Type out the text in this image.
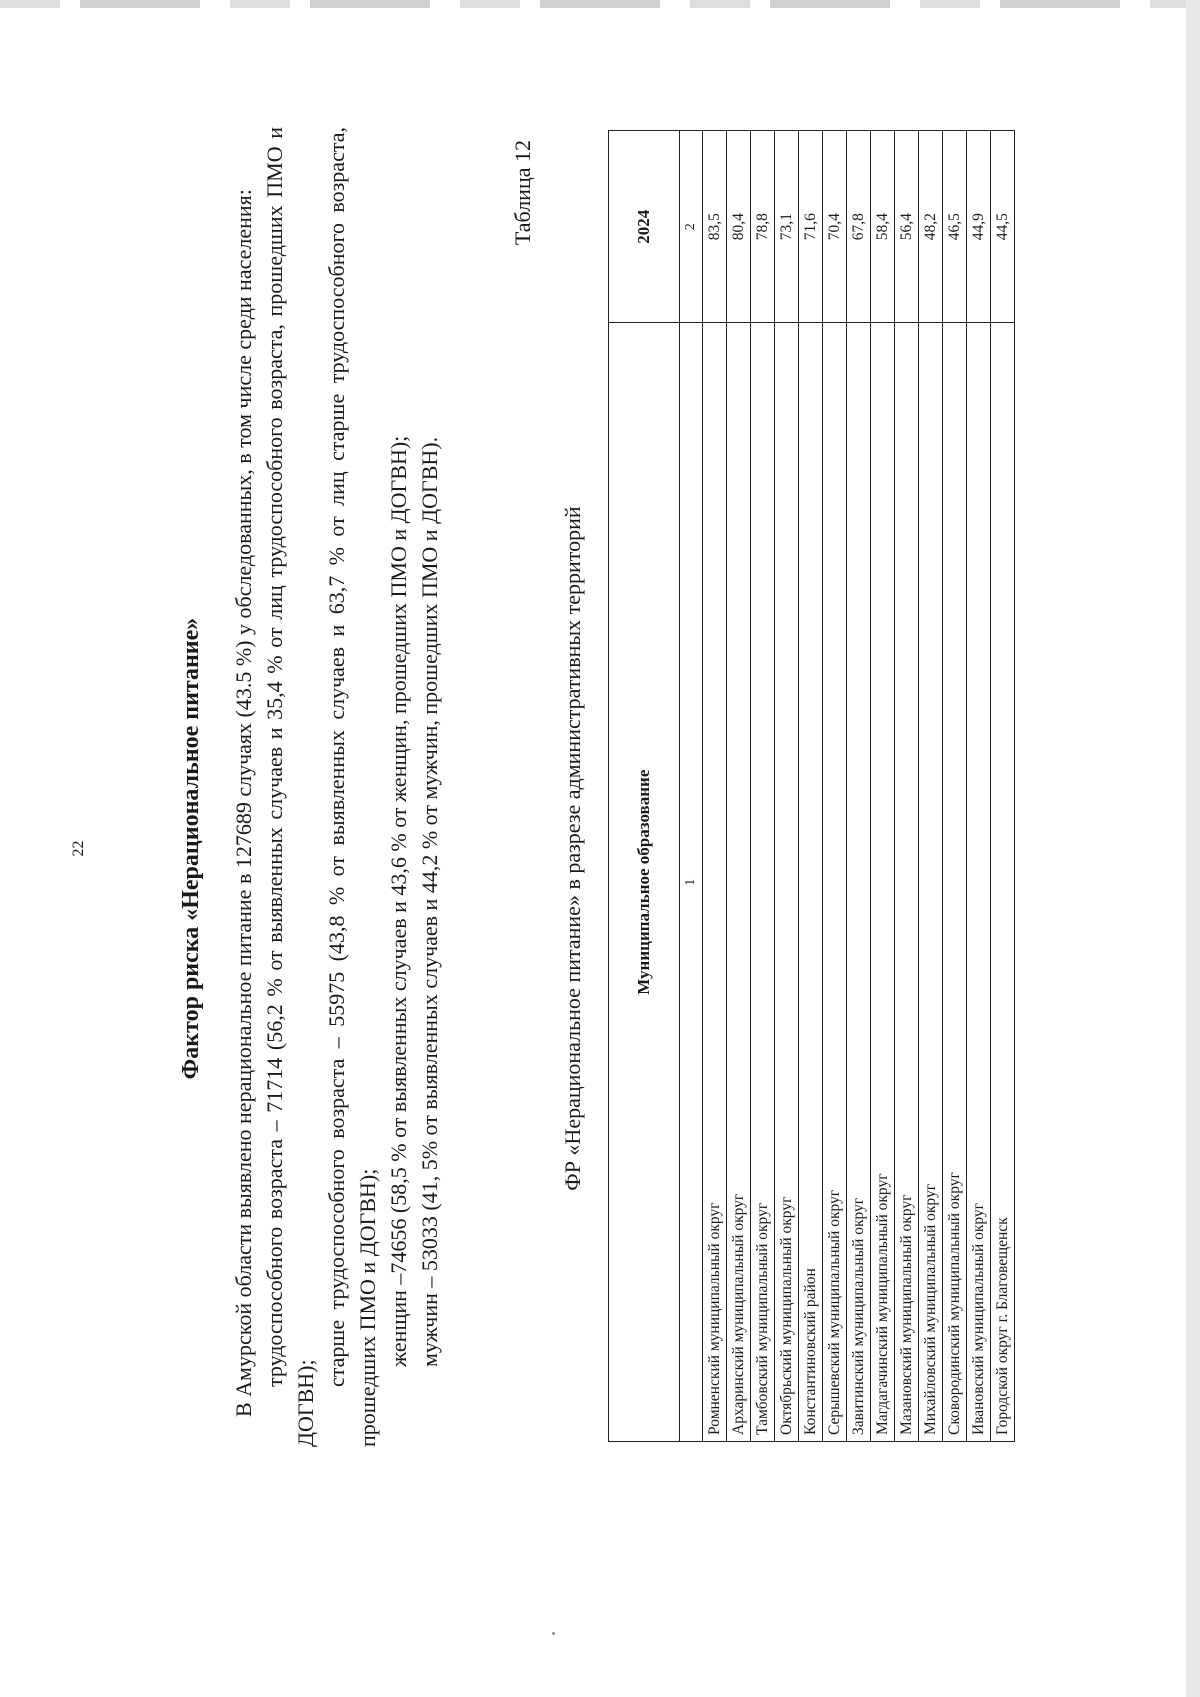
22	Фактор риска «Нерациональное питание» В Амурской области выявлено нерациональное питание в 127689 случаях (43.5 %) у обследованных, в том числе среди населения: трудоспособного возраста – 71714 (56,2 % от выявленных случаев и 35,4 % от лиц трудоспособного возраста, прошедших ПМО и ДОГВН);

старше трудоспособного возраста – 55975 (43,8 % от выявленных случаев и 63,7 % от лиц старше трудоспособного возраста, прошедших ПМО и ДОГВН); женщин –74656 (58,5 % от выявленных случаев и 43,6 % от женщин, прошедших ПМО и ДОГВН); мужчин – 53033 (41, 5% от выявленных случаев и 44,2 % от мужчин, прошедших ПМО и ДОГВН).

Таблица 12
ФР «Нерациональное питание» в разрезе административных территорий	Муниципальное образование	2024
1	2
Ромненский муниципальный округ	83,5
Архаринский муниципальный округ	80,4
Тамбовский муниципальный округ	78,8
Октябрьский муниципальный округ	73,1
Константиновский район	71,6
Серышевский муниципальный округ	70,4
Завитинский муниципальный округ	67,8
Магдагачинский муниципальный округ	58,4
Мазановский муниципальный округ	56,4
Михайловский муниципальный округ	48,2
Сковородинский муниципальный округ	46,5
Ивановский муниципальный округ	44,9
Городской округ г. Благовещенск	44,5
